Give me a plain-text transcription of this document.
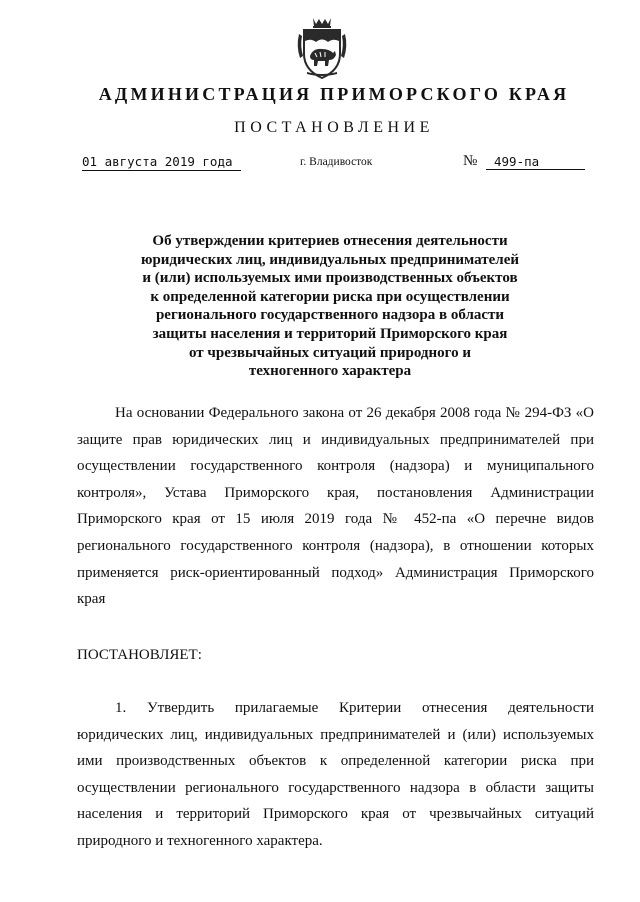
АДМИНИСТРАЦИЯ ПРИМОРСКОГО КРАЯ
ПОСТАНОВЛЕНИЕ
01 августа 2019 года	г. Владивосток	№	499-па
Об утверждении критериев отнесения деятельности
юридических лиц, индивидуальных предпринимателей
и (или) используемых ими производственных объектов
к определенной категории риска при осуществлении
регионального государственного надзора в области
защиты населения и территорий Приморского края
от чрезвычайных ситуаций природного и
техногенного характера
На основании Федерального закона от 26 декабря 2008 года № 294-ФЗ «О защите прав юридических лиц и индивидуальных предпринимателей при осуществлении государственного контроля (надзора) и муниципального контроля», Устава Приморского края, постановления Администрации Приморского края от 15 июля 2019 года № 452-па «О перечне видов регионального государственного контроля (надзора), в отношении которых применяется риск-ориентированный подход» Администрация Приморского края
ПОСТАНОВЛЯЕТ:
1. Утвердить прилагаемые Критерии отнесения деятельности юридических лиц, индивидуальных предпринимателей и (или) используемых ими производственных объектов к определенной категории риска при осуществлении регионального государственного надзора в области защиты населения и территорий Приморского края от чрезвычайных ситуаций природного и техногенного характера.
